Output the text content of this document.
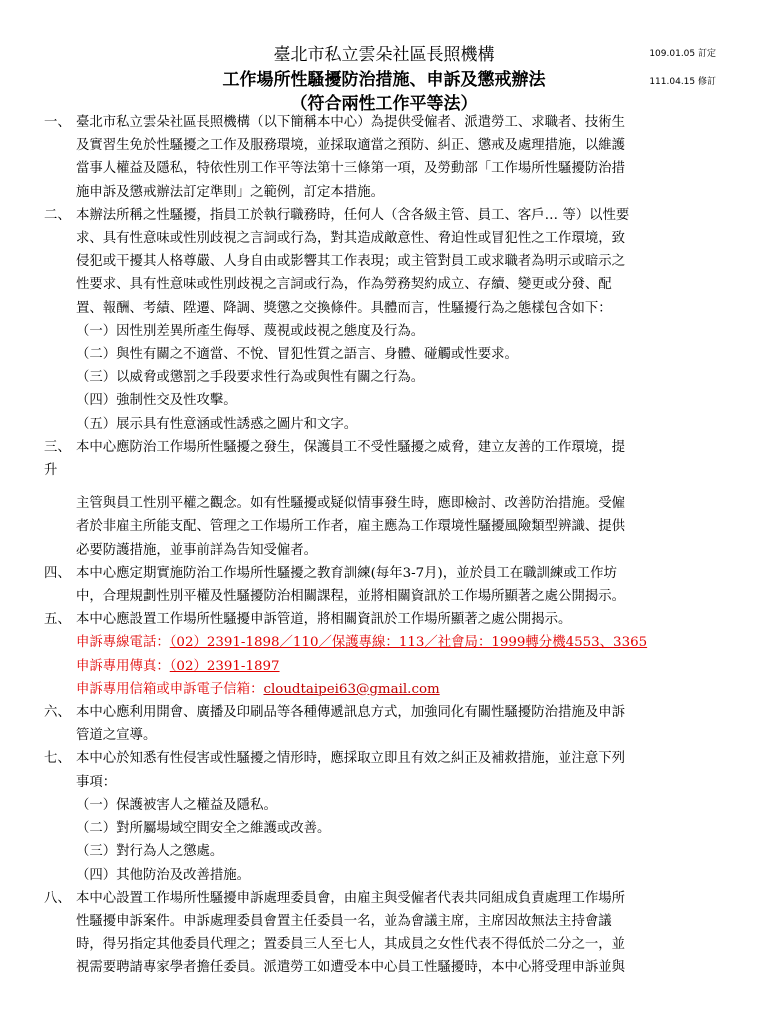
109.01.05 訂定
111.04.15 修訂
臺北市私立雲朵社區長照機構
工作場所性騷擾防治措施、申訴及懲戒辦法
（符合兩性工作平等法）
一、 臺北市私立雲朵社區長照機構（以下簡稱本中心）為提供受僱者、派遣勞工、求職者、技術生
及實習生免於性騷擾之工作及服務環境，並採取適當之預防、糾正、懲戒及處理措施，以維護
當事人權益及隱私，特依性別工作平等法第十三條第一項，及勞動部「工作場所性騷擾防治措
施申訴及懲戒辦法訂定準則」之範例，訂定本措施。
二、 本辦法所稱之性騷擾，指員工於執行職務時，任何人（含各級主管、員工、客戶… 等）以性要
求、具有性意味或性別歧視之言詞或行為，對其造成敵意性、脅迫性或冒犯性之工作環境，致
侵犯或干擾其人格尊嚴、人身自由或影響其工作表現；或主管對員工或求職者為明示或暗示之
性要求、具有性意味或性別歧視之言詞或行為，作為勞務契約成立、存續、變更或分發、配
置、報酬、考績、陞遷、降調、獎懲之交換條件。具體而言，性騷擾行為之態樣包含如下：
（一）因性別差異所產生侮辱、蔑視或歧視之態度及行為。
（二）與性有關之不適當、不悅、冒犯性質之語言、身體、碰觸或性要求。
（三）以威脅或懲罰之手段要求性行為或與性有關之行為。
（四）強制性交及性攻擊。
（五）展示具有性意涵或性誘惑之圖片和文字。
三、 本中心應防治工作場所性騷擾之發生，保護員工不受性騷擾之威脅，建立友善的工作環境，提
升
主管與員工性別平權之觀念。如有性騷擾或疑似情事發生時，應即檢討、改善防治措施。受僱
者於非雇主所能支配、管理之工作場所工作者，雇主應為工作環境性騷擾風險類型辨識、提供
必要防護措施，並事前詳為告知受僱者。
四、 本中心應定期實施防治工作場所性騷擾之教育訓練(每年3-7月)，並於員工在職訓練或工作坊
中，合理規劃性別平權及性騷擾防治相關課程，並將相關資訊於工作場所顯著之處公開揭示。
五、 本中心應設置工作場所性騷擾申訴管道，將相關資訊於工作場所顯著之處公開揭示。
申訴專線電話：（02）2391-1898／110／保護專線：113／社會局：1999轉分機4553、3365
申訴專用傳真：（02）2391-1897
申訴專用信箱或申訴電子信箱：cloudtaipei63@gmail.com
六、 本中心應利用開會、廣播及印刷品等各種傳遞訊息方式，加強同化有關性騷擾防治措施及申訴
管道之宣導。
七、 本中心於知悉有性侵害或性騷擾之情形時，應採取立即且有效之糾正及補救措施，並注意下列
事項：
（一）保護被害人之權益及隱私。
（二）對所屬場域空間安全之維護或改善。
（三）對行為人之懲處。
（四）其他防治及改善措施。
八、 本中心設置工作場所性騷擾申訴處理委員會，由雇主與受僱者代表共同組成負責處理工作場所
性騷擾申訴案件。申訴處理委員會置主任委員一名，並為會議主席，主席因故無法主持會議
時，得另指定其他委員代理之；置委員三人至七人，其成員之女性代表不得低於二分之一，並
視需要聘請專家學者擔任委員。派遣勞工如遭受本中心員工性騷擾時，本中心將受理申訴並與
